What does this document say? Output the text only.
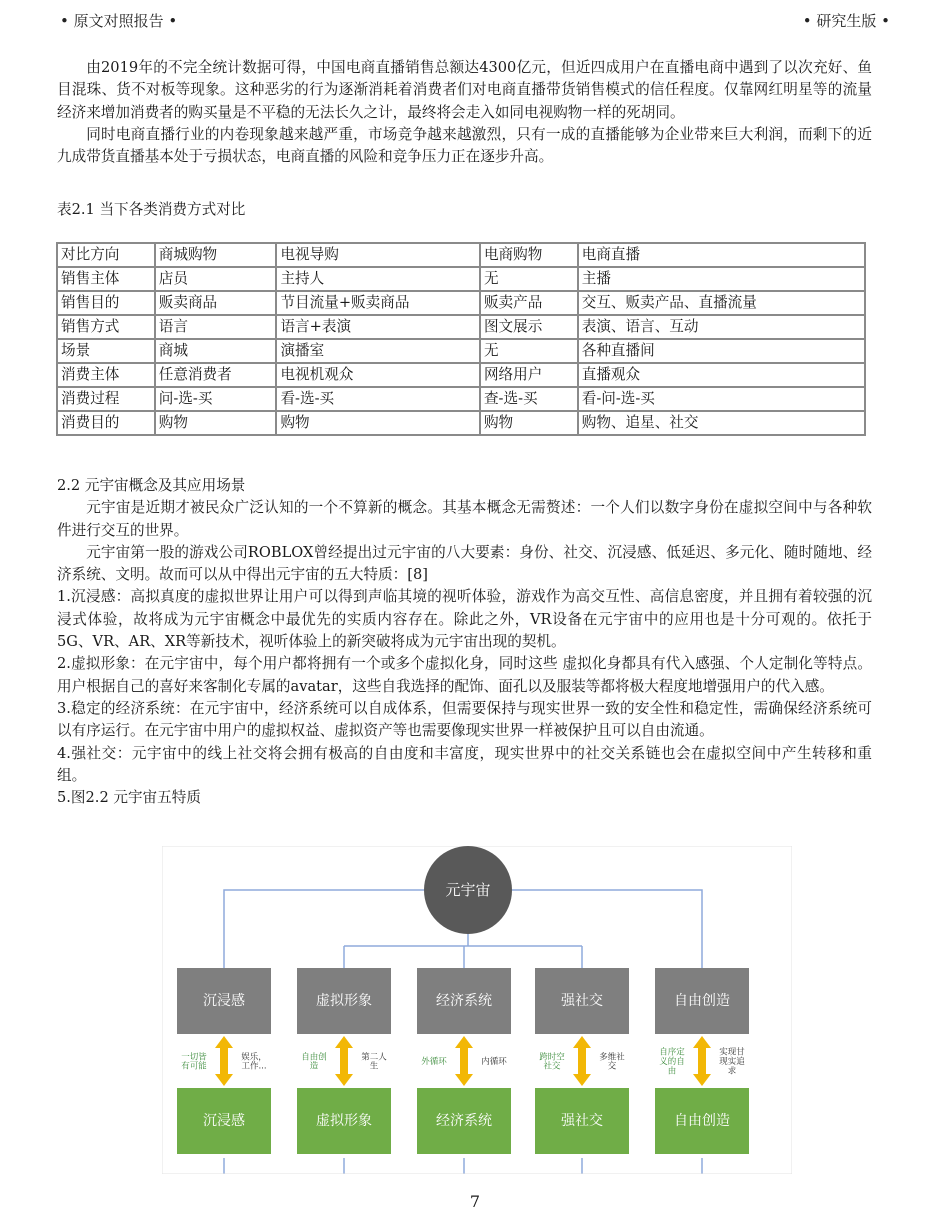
• 原文对照报告 •	• 研究生版 •

由2019年的不完全统计数据可得，中国电商直播销售总额达4300亿元，但近四成用户在直播电商中遇到了以次充好、鱼目混珠、货不对板等现象。这种恶劣的行为逐渐消耗着消费者们对电商直播带货销售模式的信任程度。仅靠网红明星等的流量经济来增加消费者的购买量是不平稳的无法长久之计，最终将会走入如同电视购物一样的死胡同。

同时电商直播行业的内卷现象越来越严重，市场竞争越来越激烈，只有一成的直播能够为企业带来巨大利润，而剩下的近九成带货直播基本处于亏损状态，电商直播的风险和竞争压力正在逐步升高。

表2.1 当下各类消费方式对比
对比方向	商城购物	电视导购	电商购物	电商直播
销售主体	店员	主持人	无	主播
销售目的	贩卖商品	节目流量+贩卖商品	贩卖产品	交互、贩卖产品、直播流量
销售方式	语言	语言+表演	图文展示	表演、语言、互动
场景	商城	演播室	无	各种直播间
消费主体	任意消费者	电视机观众	网络用户	直播观众
消费过程	问-选-买	看-选-买	查-选-买	看-问-选-买
消费目的	购物	购物	购物	购物、追星、社交

2.2 元宇宙概念及其应用场景

元宇宙是近期才被民众广泛认知的一个不算新的概念。其基本概念无需赘述：一个人们以数字身份在虚拟空间中与各种软件进行交互的世界。

元宇宙第一股的游戏公司ROBLOX曾经提出过元宇宙的八大要素：身份、社交、沉浸感、低延迟、多元化、随时随地、经济系统、文明。故而可以从中得出元宇宙的五大特质：[8]

1.沉浸感：高拟真度的虚拟世界让用户可以得到声临其境的视听体验，游戏作为高交互性、高信息密度，并且拥有着较强的沉浸式体验，故将成为元宇宙概念中最优先的实质内容存在。除此之外，VR设备在元宇宙中的应用也是十分可观的。依托于5G、VR、AR、XR等新技术，视听体验上的新突破将成为元宇宙出现的契机。

2.虚拟形象：在元宇宙中，每个用户都将拥有一个或多个虚拟化身，同时这些 虚拟化身都具有代入感强、个人定制化等特点。用户根据自己的喜好来客制化专属的avatar，这些自我选择的配饰、面孔以及服装等都将极大程度地增强用户的代入感。

3.稳定的经济系统：在元宇宙中，经济系统可以自成体系，但需要保持与现实世界一致的安全性和稳定性，需确保经济系统可以有序运行。在元宇宙中用户的虚拟权益、虚拟资产等也需要像现实世界一样被保护且可以自由流通。

4.强社交：元宇宙中的线上社交将会拥有极高的自由度和丰富度，现实世界中的社交关系链也会在虚拟空间中产生转移和重组。

5.图2.2 元宇宙五特质

元宇宙
沉浸感
沉浸感
一切皆有可能
娱乐，工作...
虚拟形象
虚拟形象
自由创造
第二人生
经济系统
经济系统
外循环	内循环
强社交
强社交
跨时空社交
多维社交
自由创造
自由创造
自序定义的自由
实现甘现实追求
7
